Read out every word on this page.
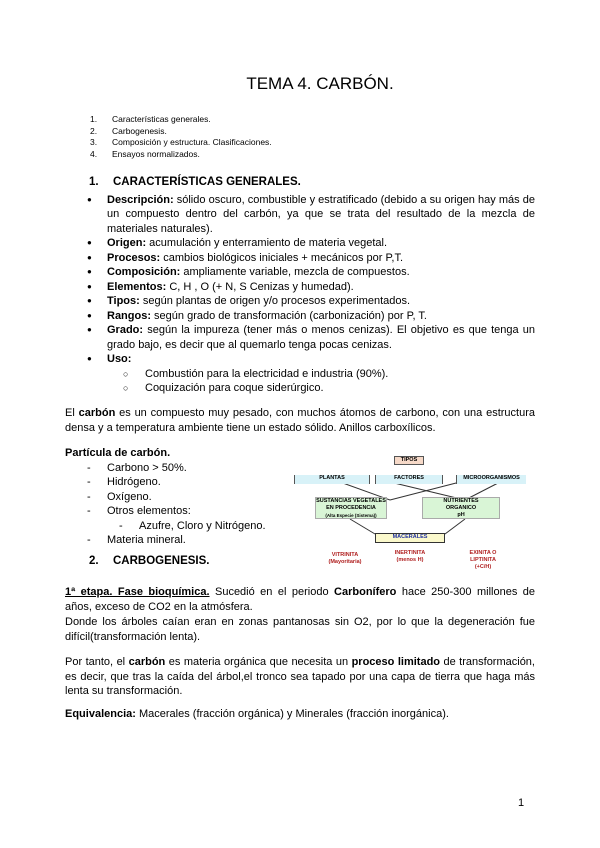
TEMA 4. CARBÓN.
1. Características generales.
2. Carbogenesis.
3. Composición y estructura. Clasificaciones.
4. Ensayos normalizados.
1. CARACTERÍSTICAS GENERALES.
● Descripción: sólido oscuro, combustible y estratificado (debido a su origen hay más de un compuesto dentro del carbón, ya que se trata del resultado de la mezcla de materiales naturales).
● Origen: acumulación y enterramiento de materia vegetal.
● Procesos: cambios biológicos iniciales + mecánicos por P,T.
● Composición: ampliamente variable, mezcla de compuestos.
● Elementos: C, H , O (+ N, S Cenizas y humedad).
● Tipos: según plantas de origen y/o procesos experimentados.
● Rangos: según grado de transformación (carbonización) por P, T.
● Grado: según la impureza (tener más o menos cenizas). El objetivo es que tenga un grado bajo, es decir que al quemarlo tenga pocas cenizas.
● Uso:
○ Combustión para la electricidad e industria (90%).
○ Coquización para coque siderúrgico.
El carbón es un compuesto muy pesado, con muchos átomos de carbono, con una estructura densa y a temperatura ambiente tiene un estado sólido. Anillos carboxílicos.
Partícula de carbón.
- Carbono > 50%.
- Hidrógeno.
- Oxígeno.
- Otros elementos:
- Azufre, Cloro y Nitrógeno.
- Materia mineral.
2. CARBOGENESIS.
TIPOS
PLANTAS	FACTORES	MICROORGANISMOS
SUSTANCIAS VEGETALES
EN PROCEDENCIA
(Alta Especie (Sistema))
NUTRIENTES
ORGANICO
pH
MACERALES
VITRINITA
(Mayoritaria)
INERTINITA
(menos H)
EXINITA O
LIPTINITA
(+C/H)
1ª etapa. Fase bioquímica. Sucedió en el periodo Carbonífero hace 250-300 millones de años, exceso de CO2 en la atmósfera.
Donde los árboles caían eran en zonas pantanosas sin O2, por lo que la degeneración fue difícil(transformación lenta).
Por tanto, el carbón es materia orgánica que necesita un proceso limitado de transformación, es decir, que tras la caída del árbol,el tronco sea tapado por una capa de tierra que haga más lenta su transformación.
Equivalencia: Macerales (fracción orgánica) y Minerales (fracción inorgánica).
1
